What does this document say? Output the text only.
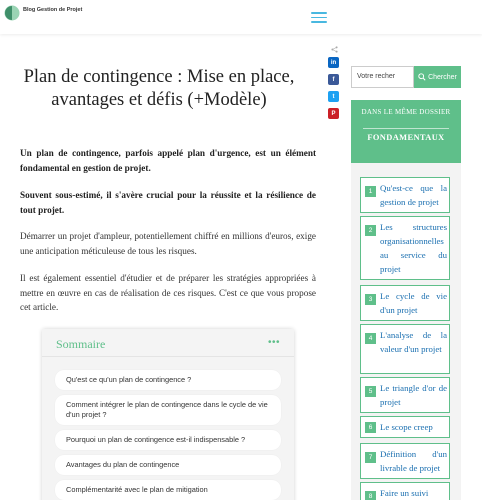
Blog Gestion de Projet
Plan de contingence : Mise en place, avantages et défis (+Modèle)
in
f
t
P

Un plan de contingence, parfois appelé plan d'urgence, est un élément fondamental en gestion de projet.

Souvent sous-estimé, il s'avère crucial pour la réussite et la résilience de tout projet.

Démarrer un projet d'ampleur, potentiellement chiffré en millions d'euros, exige une anticipation méticuleuse de tous les risques.

Il est également essentiel d'étudier et de préparer les stratégies appropriées à mettre en œuvre en cas de réalisation de ces risques. C'est ce que vous propose cet article.

Sommaire	•••
Qu'est ce qu'un plan de contingence ?
Comment intégrer le plan de contingence dans le cycle de vie d'un projet ?
Pourquoi un plan de contingence est-il indispensable ?
Avantages du plan de contingence
Complémentarité avec le plan de mitigation
Votre recher	Chercher
DANS LE MÊME DOSSIER
FONDAMENTAUX
1 Qu'est-ce que la gestion de projet
2 Les structures organisationnelles au service du projet
3 Le cycle de vie d'un projet
4 L'analyse de la valeur d'un projet
5 Le triangle d'or de projet
6 Le scope creep
7 Définition d'un livrable de projet
8 Faire un suivi
